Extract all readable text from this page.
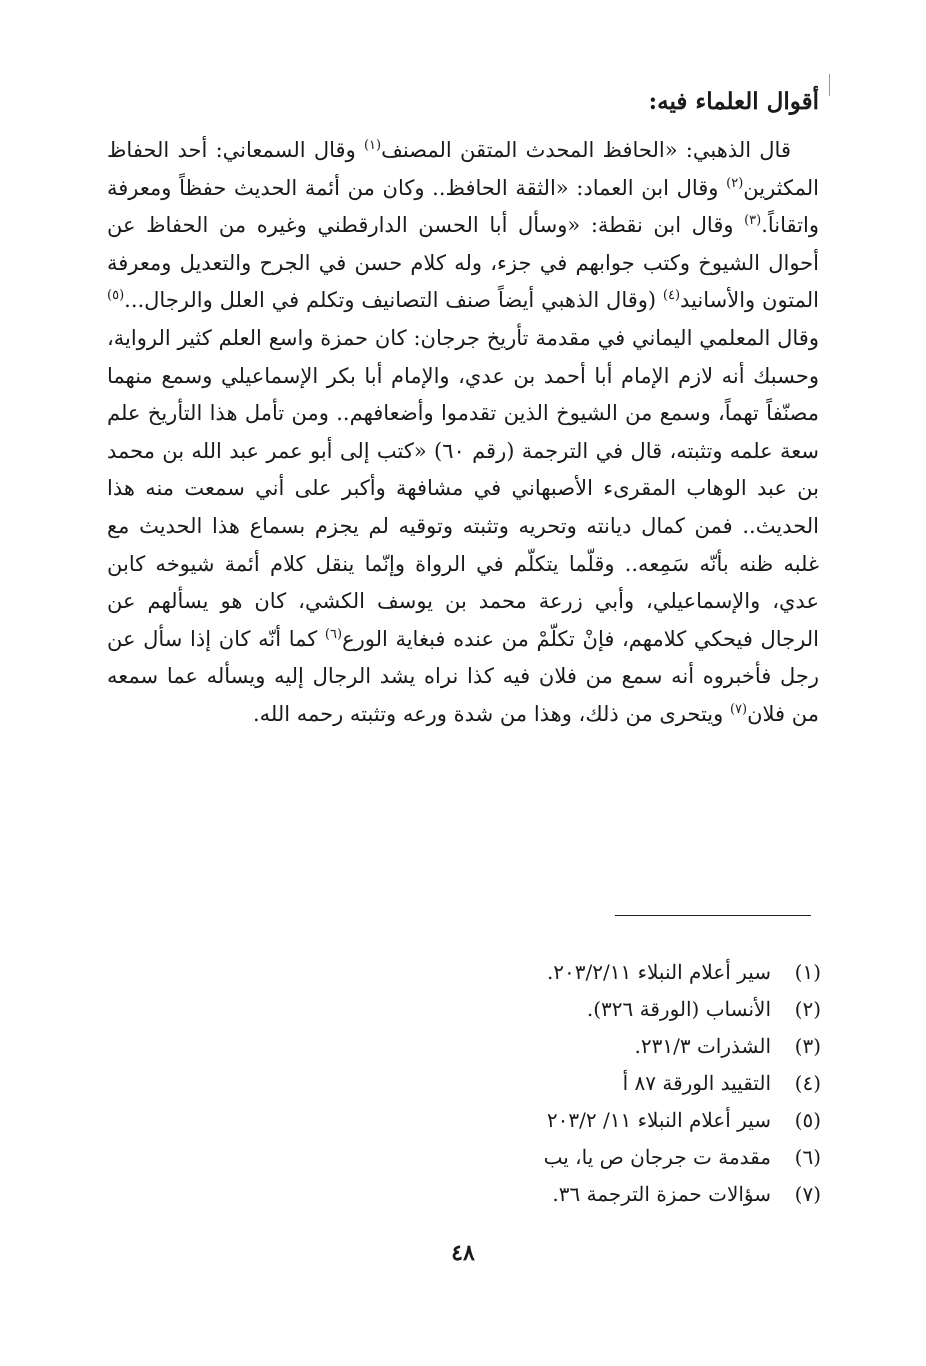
أقوال العلماء فيه:

قال الذهبي: «الحافظ المحدث المتقن المصنف$^{(١)}$ وقال السمعاني: أحد الحفاظ المكثرين$^{(٢)}$ وقال ابن العماد: «الثقة الحافظ.. وكان من أئمة الحديث حفظاً ومعرفة واتقاناً.$^{(٣)}$ وقال ابن نقطة: «وسأل أبا الحسن الدارقطني وغيره من الحفاظ عن أحوال الشيوخ وكتب جوابهم في جزء، وله كلام حسن في الجرح والتعديل ومعرفة المتون والأسانيد$^{(٤)}$ (وقال الذهبي أيضاً صنف التصانيف وتكلم في العلل والرجال...$^{(٥)}$ وقال المعلمي اليماني في مقدمة تأريخ جرجان: كان حمزة واسع العلم كثير الرواية، وحسبك أنه لازم الإمام أبا أحمد بن عدي، والإمام أبا بكر الإسماعيلي وسمع منهما مصنّفاً تهماً، وسمع من الشيوخ الذين تقدموا وأضعافهم.. ومن تأمل هذا التأريخ علم سعة علمه وتثبته، قال في الترجمة (رقم ٦٠) «كتب إلى أبو عمر عبد الله بن محمد بن عبد الوهاب المقرىء الأصبهاني في مشافهة وأكبر على أني سمعت منه هذا الحديث.. فمن كمال ديانته وتحريه وتثبته وتوقيه لم يجزم بسماع هذا الحديث مع غلبه ظنه بأنّه سَمِعه.. وقلّما يتكلّم في الرواة وإنّما ينقل كلام أئمة شيوخه كابن عدي، والإسماعيلي، وأبي زرعة محمد بن يوسف الكشي، كان هو يسألهم عن الرجال فيحكي كلامهم، فإنْ تكلّمْ من عنده فبغاية الورع$^{(٦)}$ كما أنّه كان إذا سأل عن رجل فأخبروه أنه سمع من فلان فيه كذا نراه يشد الرجال إليه ويسأله عما سمعه من فلان$^{(٧)}$ ويتحرى من ذلك، وهذا من شدة ورعه وتثبته رحمه الله.

(١)سير أعلام النبلاء ٢٠٣/٢/١١.
(٢)الأنساب (الورقة ٣٢٦).
(٣)الشذرات ٢٣١/٣.
(٤)التقييد الورقة ٨٧ أ
(٥)سير أعلام النبلاء ١١/ ٢٠٣/٢
(٦)مقدمة ت جرجان ص يا، يب
(٧)سؤالات حمزة الترجمة ٣٦.
٤٨
